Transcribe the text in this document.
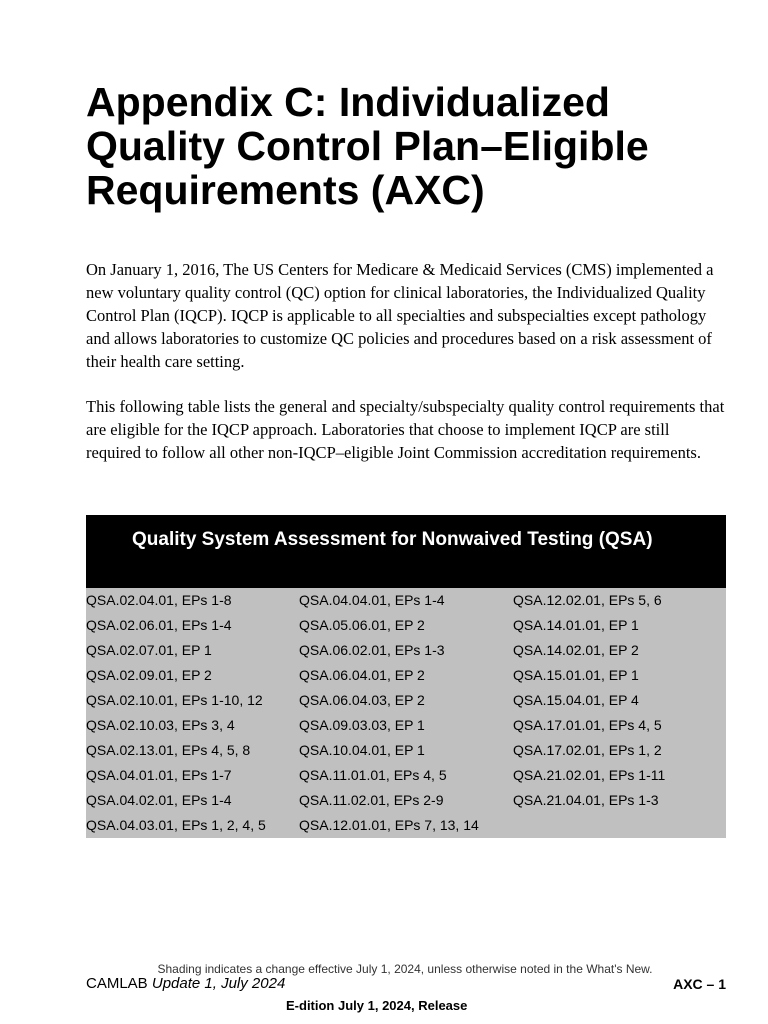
Appendix C: Individualized Quality Control Plan–Eligible Requirements (AXC)

On January 1, 2016, The US Centers for Medicare & Medicaid Services (CMS) implemented a new voluntary quality control (QC) option for clinical laboratories, the Individualized Quality Control Plan (IQCP). IQCP is applicable to all specialties and subspecialties except pathology and allows laboratories to customize QC policies and procedures based on a risk assessment of their health care setting.

This following table lists the general and specialty/subspecialty quality control requirements that are eligible for the IQCP approach. Laboratories that choose to implement IQCP are still required to follow all other non-IQCP–eligible Joint Commission accreditation requirements.

Quality System Assessment for Nonwaived Testing (QSA)
QSA.02.04.01, EPs 1-8	QSA.04.04.01, EPs 1-4	QSA.12.02.01, EPs 5, 6
QSA.02.06.01, EPs 1-4	QSA.05.06.01, EP 2	QSA.14.01.01, EP 1
QSA.02.07.01, EP 1	QSA.06.02.01, EPs 1-3	QSA.14.02.01, EP 2
QSA.02.09.01, EP 2	QSA.06.04.01, EP 2	QSA.15.01.01, EP 1
QSA.02.10.01, EPs 1-10, 12	QSA.06.04.03, EP 2	QSA.15.04.01, EP 4
QSA.02.10.03, EPs 3, 4	QSA.09.03.03, EP 1	QSA.17.01.01, EPs 4, 5
QSA.02.13.01, EPs 4, 5, 8	QSA.10.04.01, EP 1	QSA.17.02.01, EPs 1, 2
QSA.04.01.01, EPs 1-7	QSA.11.01.01, EPs 4, 5	QSA.21.02.01, EPs 1-11
QSA.04.02.01, EPs 1-4	QSA.11.02.01, EPs 2-9	QSA.21.04.01, EPs 1-3
QSA.04.03.01, EPs 1, 2, 4, 5	QSA.12.01.01, EPs 7, 13, 14
Shading indicates a change effective July 1, 2024, unless otherwise noted in the What's New.
CAMLAB Update 1, July 2024	AXC – 1
E-dition July 1, 2024, Release
